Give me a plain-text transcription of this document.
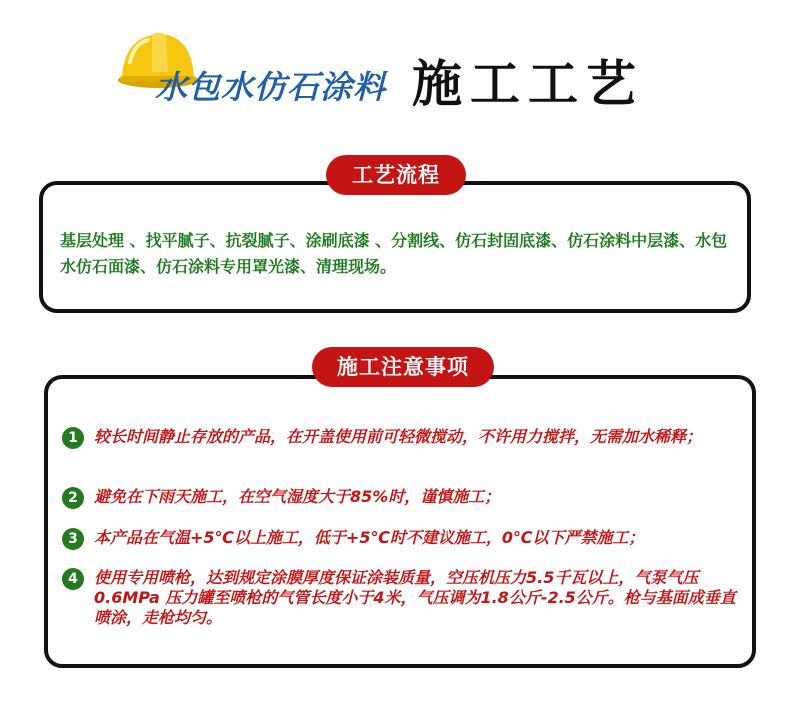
水包水仿石涂料 施工工艺
工艺流程
基层处理 、找平腻子、抗裂腻子、涂刷底漆 、分割线、仿石封固底漆、仿石涂料中层漆、水包水仿石面漆、仿石涂料专用罩光漆、清理现场。
施工注意事项
1	较长时间静止存放的产品，在开盖使用前可轻微搅动，不许用力搅拌，无需加水稀释；
2	避免在下雨天施工，在空气湿度大于85%时，谨慎施工；
3	本产品在气温+5℃以上施工，低于+5℃时不建议施工，0℃以下严禁施工；
4	使用专用喷枪，达到规定涂膜厚度保证涂装质量，空压机压力5.5千瓦以上，气泵气压0.6MPa 压力罐至喷枪的气管长度小于4米，气压调为1.8公斤-2.5公斤。枪与基面成垂直喷涂，走枪均匀。
